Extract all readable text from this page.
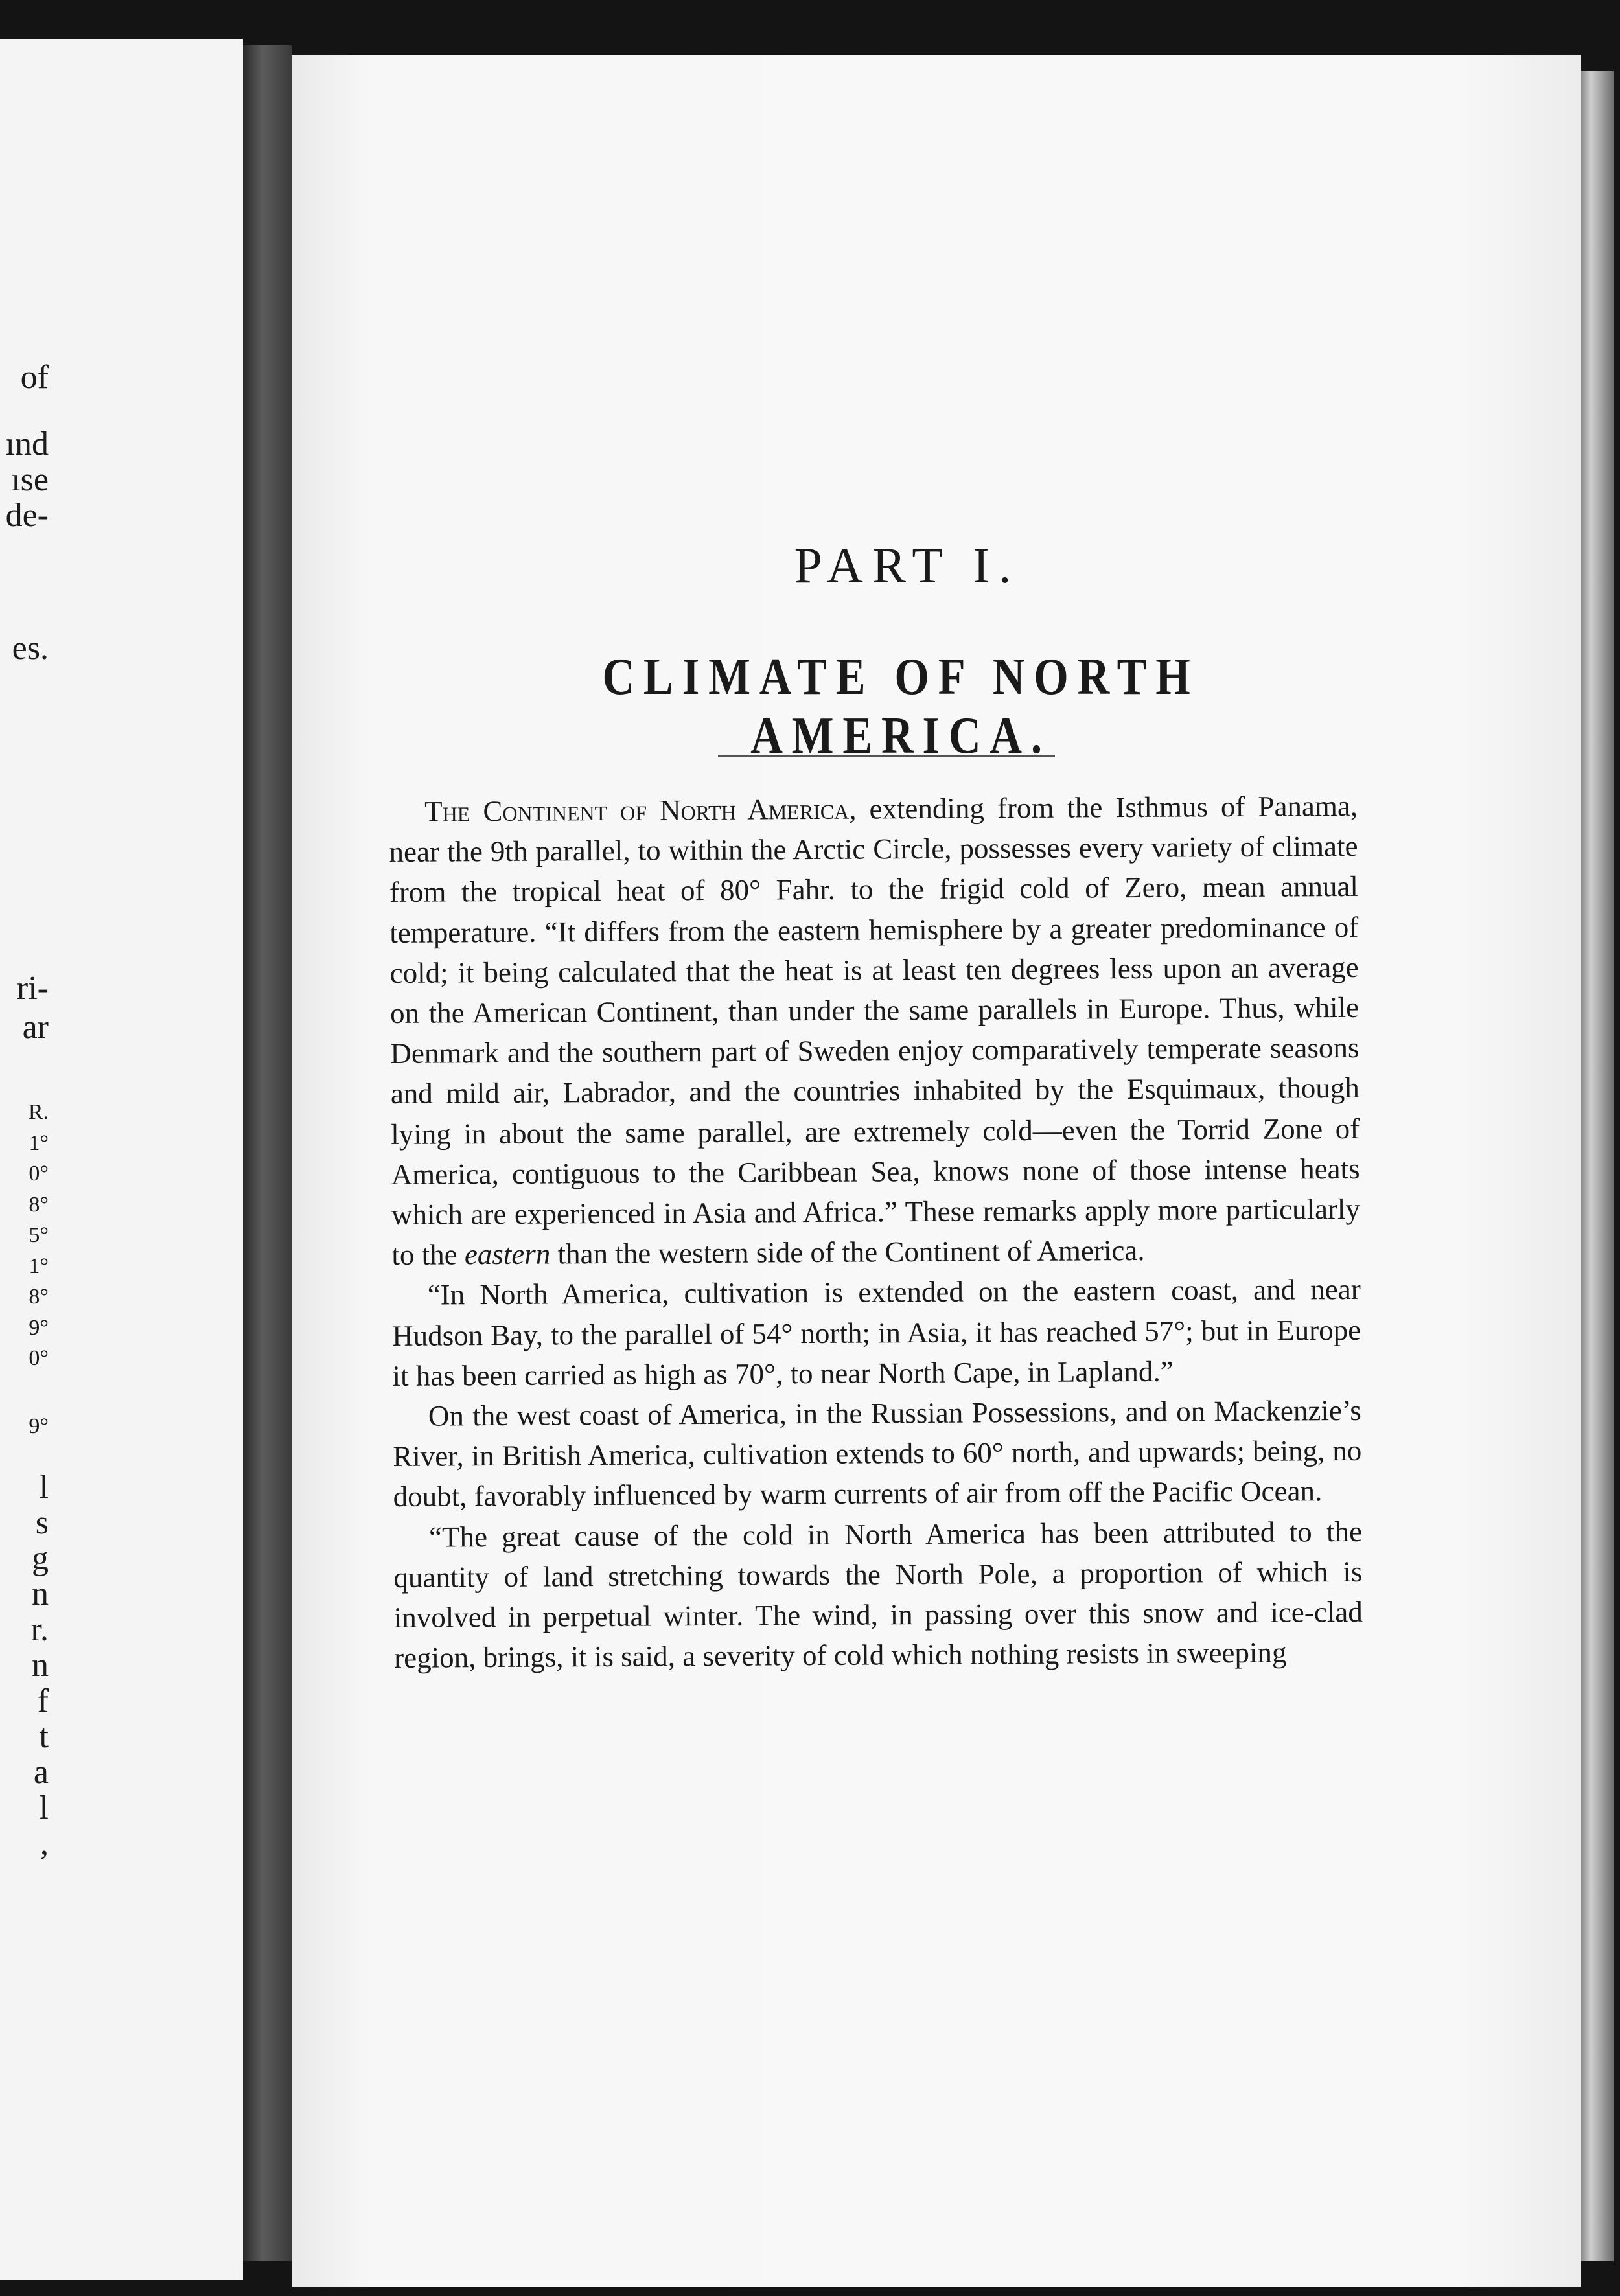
of
ınd
ıse
de-
es.
ri-
ar
R.
1°
0°
8°
5°
1°
8°
9°
0°
9°
l
s
g
n
r.
n
f
t
a
l
,
PART I.
CLIMATE OF NORTH AMERICA.

The Continent of North America, extending from the Isthmus of Panama, near the 9th parallel, to within the Arctic Circle, possesses every variety of climate from the tropical heat of 80° Fahr. to the frigid cold of Zero, mean annual temperature. “It differs from the eastern hemisphere by a greater predominance of cold; it being calculated that the heat is at least ten degrees less upon an average on the American Continent, than under the same parallels in Europe. Thus, while Denmark and the southern part of Sweden enjoy comparatively temperate seasons and mild air, Labrador, and the countries inhabited by the Esquimaux, though lying in about the same parallel, are extremely cold—even the Torrid Zone of America, contiguous to the Caribbean Sea, knows none of those intense heats which are experienced in Asia and Africa.” These remarks apply more particularly to the eastern than the western side of the Continent of America.

“In North America, cultivation is extended on the eastern coast, and near Hudson Bay, to the parallel of 54° north; in Asia, it has reached 57°; but in Europe it has been carried as high as 70°, to near North Cape, in Lapland.”

On the west coast of America, in the Russian Possessions, and on Mackenzie’s River, in British America, cultivation extends to 60° north, and upwards; being, no doubt, favorably influenced by warm currents of air from off the Pacific Ocean.

“The great cause of the cold in North America has been attributed to the quantity of land stretching towards the North Pole, a proportion of which is involved in perpetual winter. The wind, in passing over this snow and ice-clad region, brings, it is said, a severity of cold which nothing resists in sweeping
